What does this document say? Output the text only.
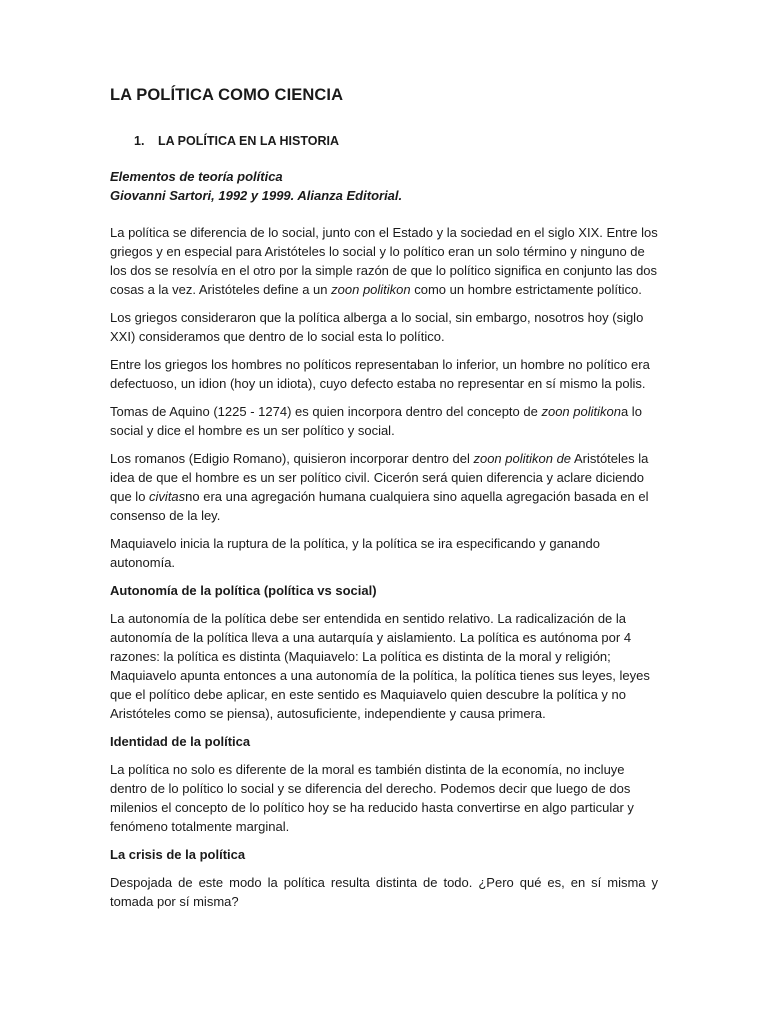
LA POLÍTICA COMO CIENCIA
1. LA POLÍTICA EN LA HISTORIA
Elementos de teoría política
Giovanni Sartori, 1992 y 1999. Alianza Editorial.

La política se diferencia de lo social, junto con el Estado y la sociedad en el siglo XIX. Entre los griegos y en especial para Aristóteles lo social y lo político eran un solo término y ninguno de los dos se resolvía en el otro por la simple razón de que lo político significa en conjunto las dos cosas a la vez. Aristóteles define a un zoon politikon como un hombre estrictamente político.

Los griegos consideraron que la política alberga a lo social, sin embargo, nosotros hoy (siglo XXI) consideramos que dentro de lo social esta lo político.

Entre los griegos los hombres no políticos representaban lo inferior, un hombre no político era defectuoso, un idion (hoy un idiota), cuyo defecto estaba no representar en sí mismo la polis.

Tomas de Aquino (1225 - 1274) es quien incorpora dentro del concepto de zoon politikona lo social y dice el hombre es un ser político y social.

Los romanos (Edigio Romano), quisieron incorporar dentro del zoon politikon de Aristóteles la idea de que el hombre es un ser político civil. Cicerón será quien diferencia y aclare diciendo que lo civitasno era una agregación humana cualquiera sino aquella agregación basada en el consenso de la ley.

Maquiavelo inicia la ruptura de la política, y la política se ira especificando y ganando autonomía.

Autonomía de la política (política vs social)

La autonomía de la política debe ser entendida en sentido relativo. La radicalización de la autonomía de la política lleva a una autarquía y aislamiento. La política es autónoma por 4 razones: la política es distinta (Maquiavelo: La política es distinta de la moral y religión; Maquiavelo apunta entonces a una autonomía de la política, la política tienes sus leyes, leyes que el político debe aplicar, en este sentido es Maquiavelo quien descubre la política y no Aristóteles como se piensa), autosuficiente, independiente y causa primera.

Identidad de la política

La política no solo es diferente de la moral es también distinta de la economía, no incluye dentro de lo político lo social y se diferencia del derecho. Podemos decir que luego de dos milenios el concepto de lo político hoy se ha reducido hasta convertirse en algo particular y fenómeno totalmente marginal.

La crisis de la política

Despojada de este modo la política resulta distinta de todo. ¿Pero qué es, en sí misma y tomada por sí misma?
